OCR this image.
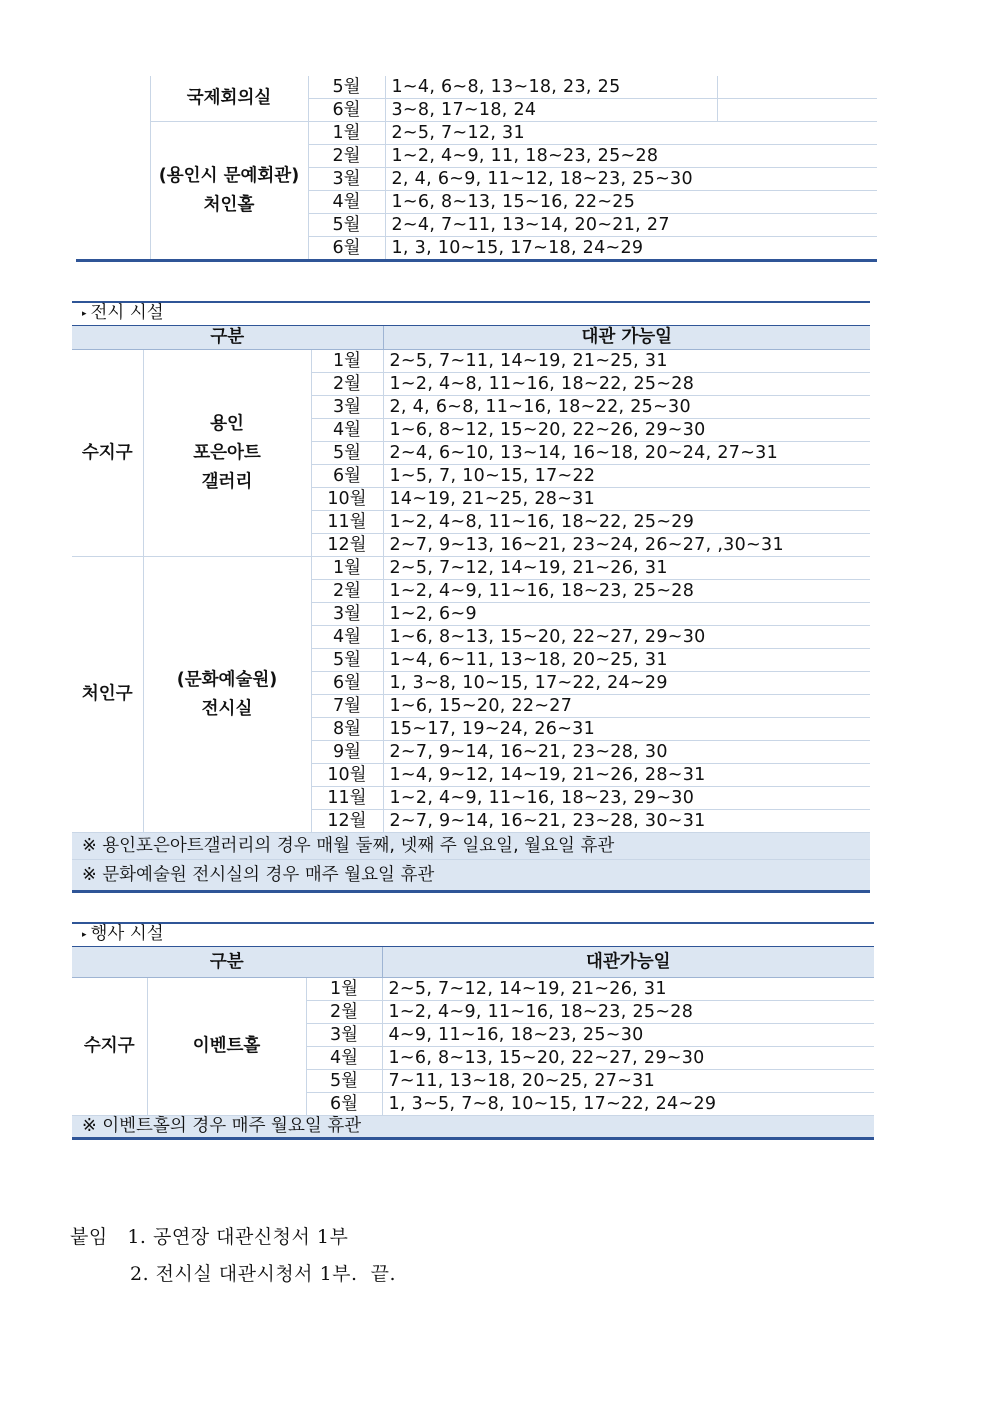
	국제회의실	5월	1~4, 6~8, 13~18, 23, 25	
		6월	3~8, 17~18, 24	

	(용인시 문예회관)
처인홀	1월	2~5, 7~12, 31	
		2월	1~2, 4~9, 11, 18~23, 25~28	
		3월	2, 4, 6~9, 11~12, 18~23, 25~30	
		4월	1~6, 8~13, 15~16, 22~25	
		5월	2~4, 7~11, 13~14, 20~21, 27	
		6월	1, 3, 10~15, 17~18, 24~29	
▸ 전시 시설			
구분			대관 가능일
수지구	용인
포은아트
갤러리	1월	2~5, 7~11, 14~19, 21~25, 31
		2월	1~2, 4~8, 11~16, 18~22, 25~28
		3월	2, 4, 6~8, 11~16, 18~22, 25~30
		4월	1~6, 8~12, 15~20, 22~26, 29~30
		5월	2~4, 6~10, 13~14, 16~18, 20~24, 27~31
		6월	1~5, 7, 10~15, 17~22
		10월	14~19, 21~25, 28~31
		11월	1~2, 4~8, 11~16, 18~22, 25~29
		12월	2~7, 9~13, 16~21, 23~24, 26~27, ,30~31
처인구	(문화예술원)
전시실	1월	2~5, 7~12, 14~19, 21~26, 31
		2월	1~2, 4~9, 11~16, 18~23, 25~28
		3월	1~2, 6~9
		4월	1~6, 8~13, 15~20, 22~27, 29~30
		5월	1~4, 6~11, 13~18, 20~25, 31
		6월	1, 3~8, 10~15, 17~22, 24~29
		7월	1~6, 15~20, 22~27
		8월	15~17, 19~24, 26~31
		9월	2~7, 9~14, 16~21, 23~28, 30
		10월	1~4, 9~12, 14~19, 21~26, 28~31
		11월	1~2, 4~9, 11~16, 18~23, 29~30
		12월	2~7, 9~14, 16~21, 23~28, 30~31
※ 용인포은아트갤러리의 경우 매월 둘째, 넷째 주 일요일, 월요일 휴관			
※ 문화예술원 전시실의 경우 매주 월요일 휴관			
▸ 행사 시설			
구분			대관가능일
수지구	이벤트홀	1월	2~5, 7~12, 14~19, 21~26, 31
		2월	1~2, 4~9, 11~16, 18~23, 25~28
		3월	4~9, 11~16, 18~23, 25~30
		4월	1~6, 8~13, 15~20, 22~27, 29~30
		5월	7~11, 13~18, 20~25, 27~31
		6월	1, 3~5, 7~8, 10~15, 17~22, 24~29
※ 이벤트홀의 경우 매주 월요일 휴관			
붙임 1. 공연장 대관신청서 1부
2. 전시실 대관시청서 1부.  끝.
